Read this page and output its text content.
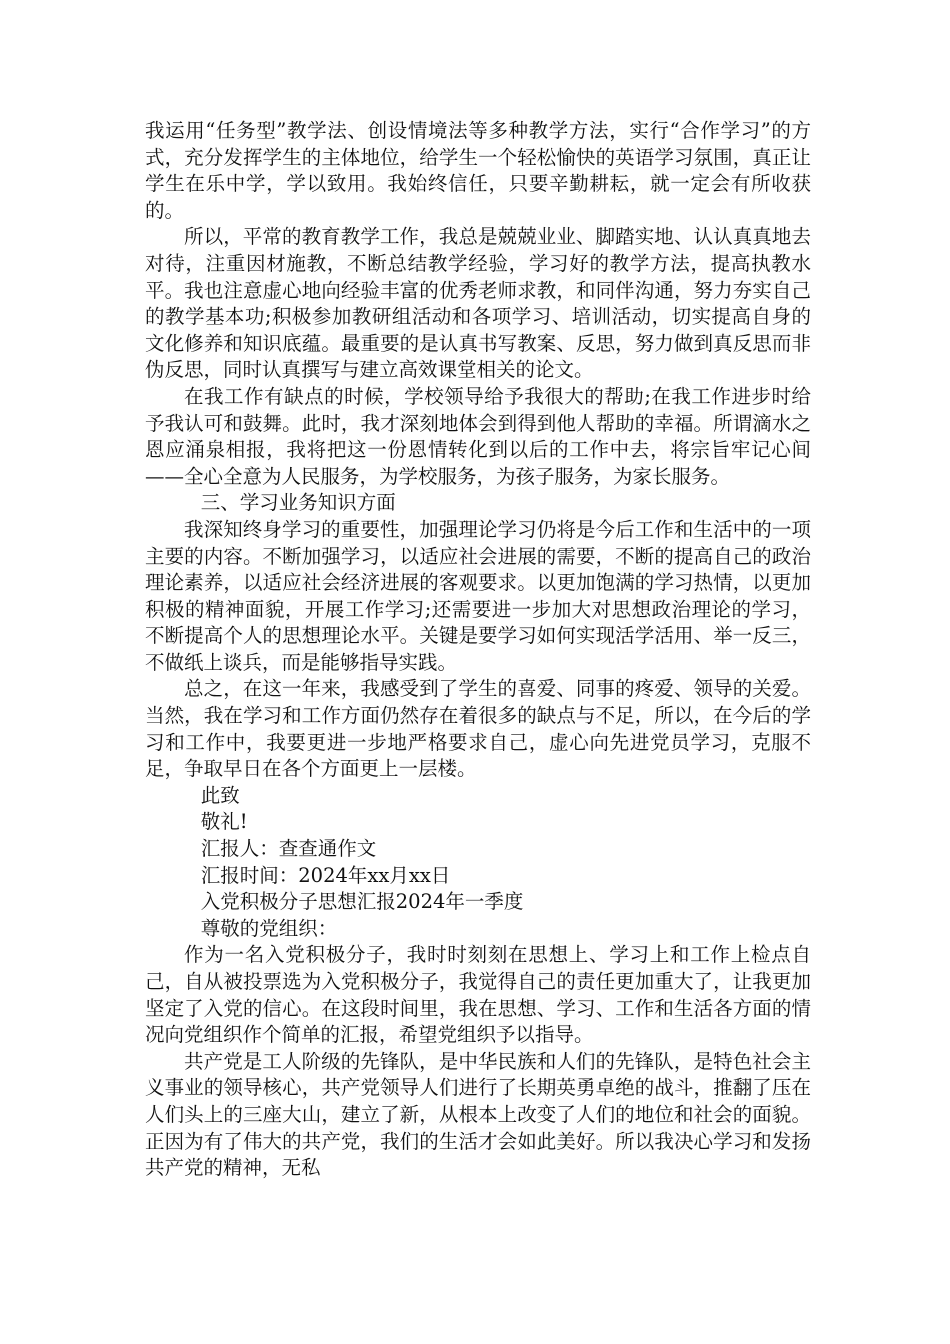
我运用“任务型”教学法、创设情境法等多种教学方法，实行“合作学习”的方式，充分发挥学生的主体地位，给学生一个轻松愉快的英语学习氛围，真正让学生在乐中学，学以致用。我始终信任，只要辛勤耕耘，就一定会有所收获的。

所以，平常的教育教学工作，我总是兢兢业业、脚踏实地、认认真真地去对待，注重因材施教，不断总结教学经验，学习好的教学方法，提高执教水平。我也注意虚心地向经验丰富的优秀老师求教，和同伴沟通，努力夯实自己的教学基本功;积极参加教研组活动和各项学习、培训活动，切实提高自身的文化修养和知识底蕴。最重要的是认真书写教案、反思，努力做到真反思而非伪反思，同时认真撰写与建立高效课堂相关的论文。

在我工作有缺点的时候，学校领导给予我很大的帮助;在我工作进步时给予我认可和鼓舞。此时，我才深刻地体会到得到他人帮助的幸福。所谓滴水之恩应涌泉相报，我将把这一份恩情转化到以后的工作中去，将宗旨牢记心间——全心全意为人民服务，为学校服务，为孩子服务，为家长服务。

三、学习业务知识方面

我深知终身学习的重要性，加强理论学习仍将是今后工作和生活中的一项主要的内容。不断加强学习，以适应社会进展的需要，不断的提高自己的政治理论素养，以适应社会经济进展的客观要求。以更加饱满的学习热情，以更加积极的精神面貌，开展工作学习;还需要进一步加大对思想政治理论的学习，不断提高个人的思想理论水平。关键是要学习如何实现活学活用、举一反三，不做纸上谈兵，而是能够指导实践。

总之，在这一年来，我感受到了学生的喜爱、同事的疼爱、领导的关爱。当然，我在学习和工作方面仍然存在着很多的缺点与不足，所以，在今后的学习和工作中，我要更进一步地严格要求自己，虚心向先进党员学习，克服不足，争取早日在各个方面更上一层楼。

此致

敬礼!

汇报人：查查通作文

汇报时间：2024年xx月xx日

入党积极分子思想汇报2024年一季度

尊敬的党组织：

作为一名入党积极分子，我时时刻刻在思想上、学习上和工作上检点自己，自从被投票选为入党积极分子，我觉得自己的责任更加重大了，让我更加坚定了入党的信心。在这段时间里，我在思想、学习、工作和生活各方面的情况向党组织作个简单的汇报，希望党组织予以指导。

共产党是工人阶级的先锋队，是中华民族和人们的先锋队，是特色社会主义事业的领导核心，共产党领导人们进行了长期英勇卓绝的战斗，推翻了压在人们头上的三座大山，建立了新，从根本上改变了人们的地位和社会的面貌。正因为有了伟大的共产党，我们的生活才会如此美好。所以我决心学习和发扬共产党的精神，无私
